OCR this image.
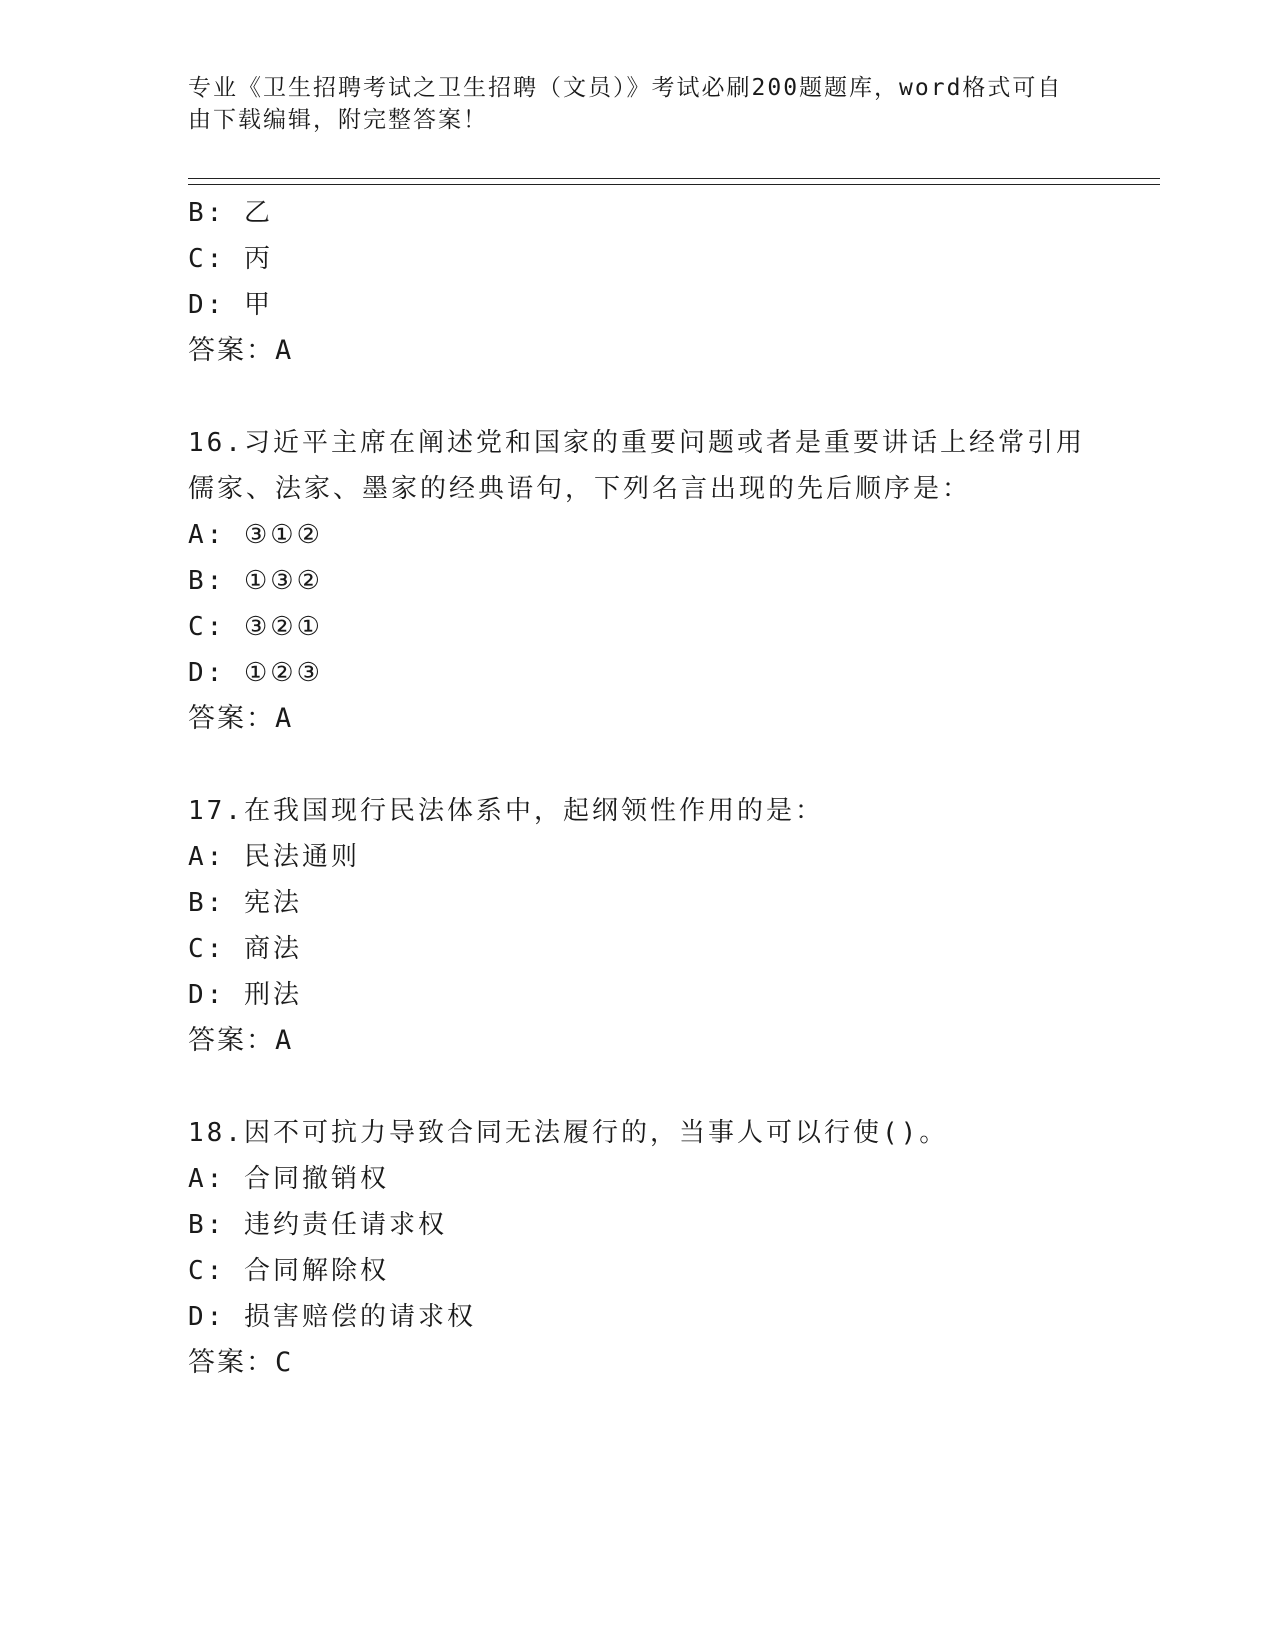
专业《卫生招聘考试之卫生招聘（文员）》考试必刷200题题库，word格式可自
由下载编辑，附完整答案！
B: 乙
C: 丙
D: 甲
答案：A
16.习近平主席在阐述党和国家的重要问题或者是重要讲话上经常引用
儒家、法家、墨家的经典语句，下列名言出现的先后顺序是：
A: ③①②
B: ①③②
C: ③②①
D: ①②③
答案：A
17.在我国现行民法体系中，起纲领性作用的是：
A: 民法通则
B: 宪法
C: 商法
D: 刑法
答案：A
18.因不可抗力导致合同无法履行的，当事人可以行使()。
A: 合同撤销权
B: 违约责任请求权
C: 合同解除权
D: 损害赔偿的请求权
答案：C
